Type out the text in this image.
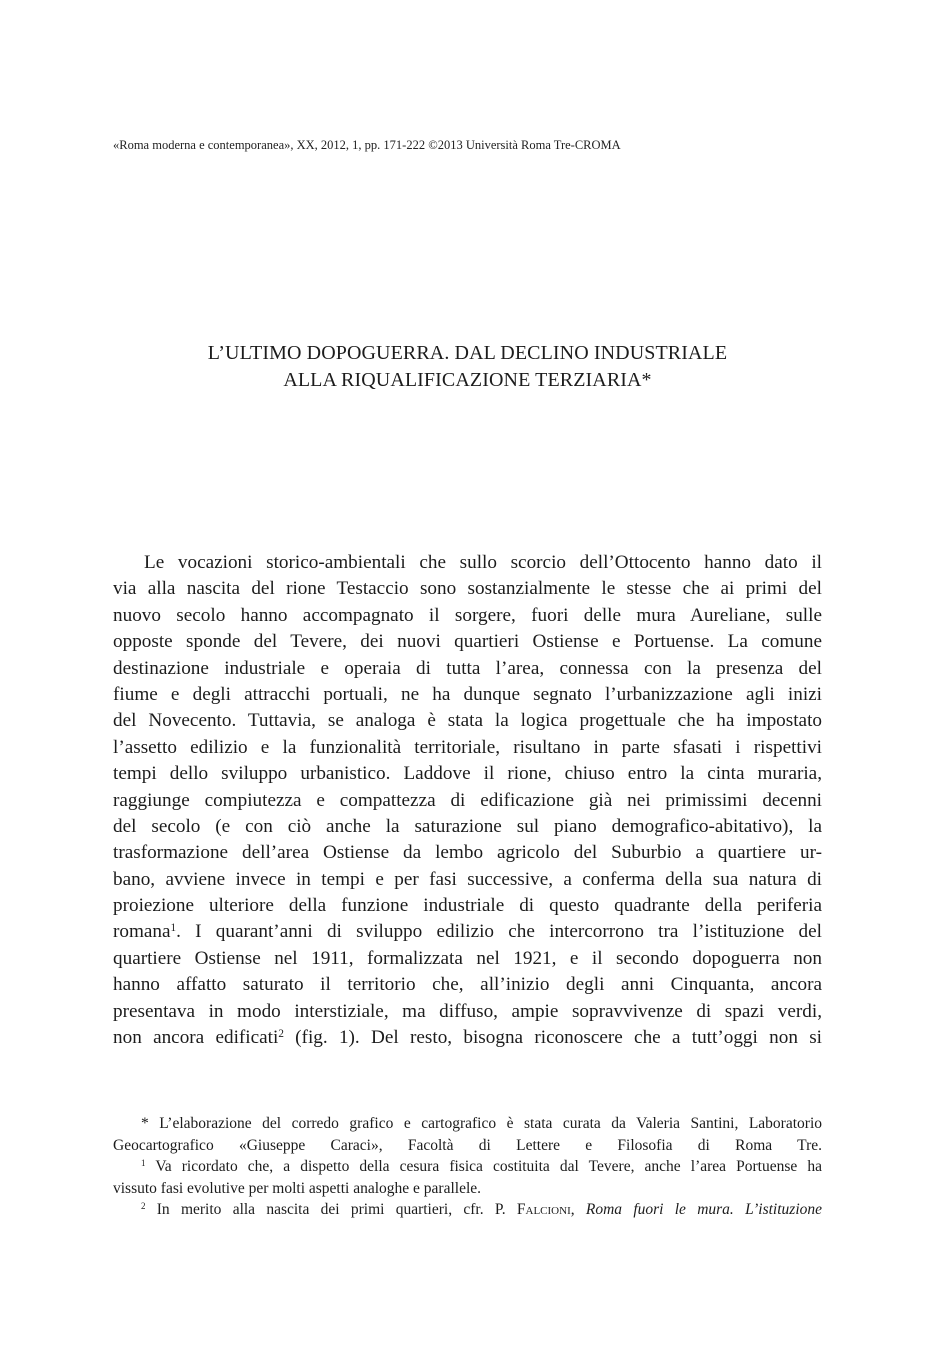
«Roma moderna e contemporanea», XX, 2012, 1, pp. 171-222 ©2013 Università Roma Tre-CROMA
L’ULTIMO DOPOGUERRA. DAL DECLINO INDUSTRIALE
ALLA RIQUALIFICAZIONE TERZIARIA*
Le vocazioni storico-ambientali che sullo scorcio dell’Ottocento hanno dato il
via alla nascita del rione Testaccio sono sostanzialmente le stesse che ai primi del
nuovo secolo hanno accompagnato il sorgere, fuori delle mura Aureliane, sulle
opposte sponde del Tevere, dei nuovi quartieri Ostiense e Portuense. La comune
destinazione industriale e operaia di tutta l’area, connessa con la presenza del
fiume e degli attracchi portuali, ne ha dunque segnato l’urbanizzazione agli inizi
del Novecento. Tuttavia, se analoga è stata la logica progettuale che ha impostato
l’assetto edilizio e la funzionalità territoriale, risultano in parte sfasati i rispettivi
tempi dello sviluppo urbanistico. Laddove il rione, chiuso entro la cinta muraria,
raggiunge compiutezza e compattezza di edificazione già nei primissimi decenni
del secolo (e con ciò anche la saturazione sul piano demografico-abitativo), la
trasformazione dell’area Ostiense da lembo agricolo del Suburbio a quartiere ur-
bano, avviene invece in tempi e per fasi successive, a conferma della sua natura di
proiezione ulteriore della funzione industriale di questo quadrante della periferia
romana$^1$. I quarant’anni di sviluppo edilizio che intercorrono tra l’istituzione del
quartiere Ostiense nel 1911, formalizzata nel 1921, e il secondo dopoguerra non
hanno affatto saturato il territorio che, all’inizio degli anni Cinquanta, ancora
presentava in modo interstiziale, ma diffuso, ampie sopravvivenze di spazi verdi,
non ancora edificati$^2$ (fig. 1). Del resto, bisogna riconoscere che a tutt’oggi non si
* L’elaborazione del corredo grafico e cartografico è stata curata da Valeria Santini, Laboratorio
Geocartografico «Giuseppe Caraci», Facoltà di Lettere e Filosofia di Roma Tre.
$^1$ Va ricordato che, a dispetto della cesura fisica costituita dal Tevere, anche l’area Portuense ha
vissuto fasi evolutive per molti aspetti analoghe e parallele.
$^2$ In merito alla nascita dei primi quartieri, cfr. P. Falcioni, Roma fuori le mura. L’istituzione
